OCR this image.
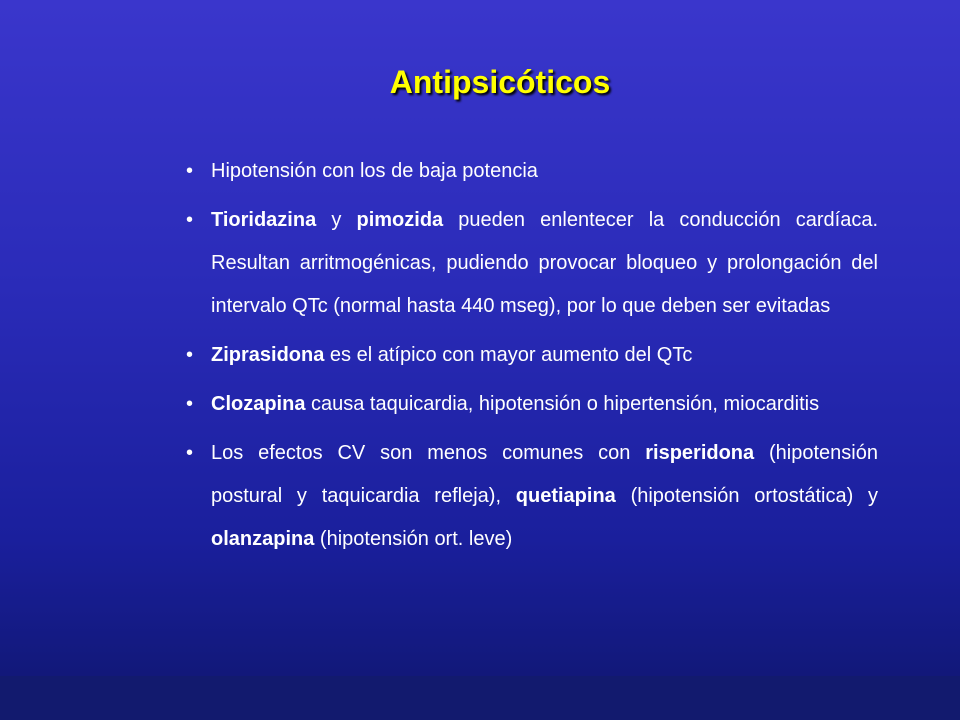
Antipsicóticos
• Hipotensión con los de baja potencia
• Tioridazina y pimozida pueden enlentecer la conducción cardíaca. Resultan arritmogénicas, pudiendo provocar bloqueo y prolongación del intervalo QTc (normal hasta 440 mseg), por lo que deben ser evitadas
• Ziprasidona es el atípico con mayor aumento del QTc
• Clozapina causa taquicardia, hipotensión o hipertensión, miocarditis
• Los efectos CV son menos comunes con risperidona (hipotensión postural y taquicardia refleja), quetiapina (hipotensión ortostática) y olanzapina (hipotensión ort. leve)
